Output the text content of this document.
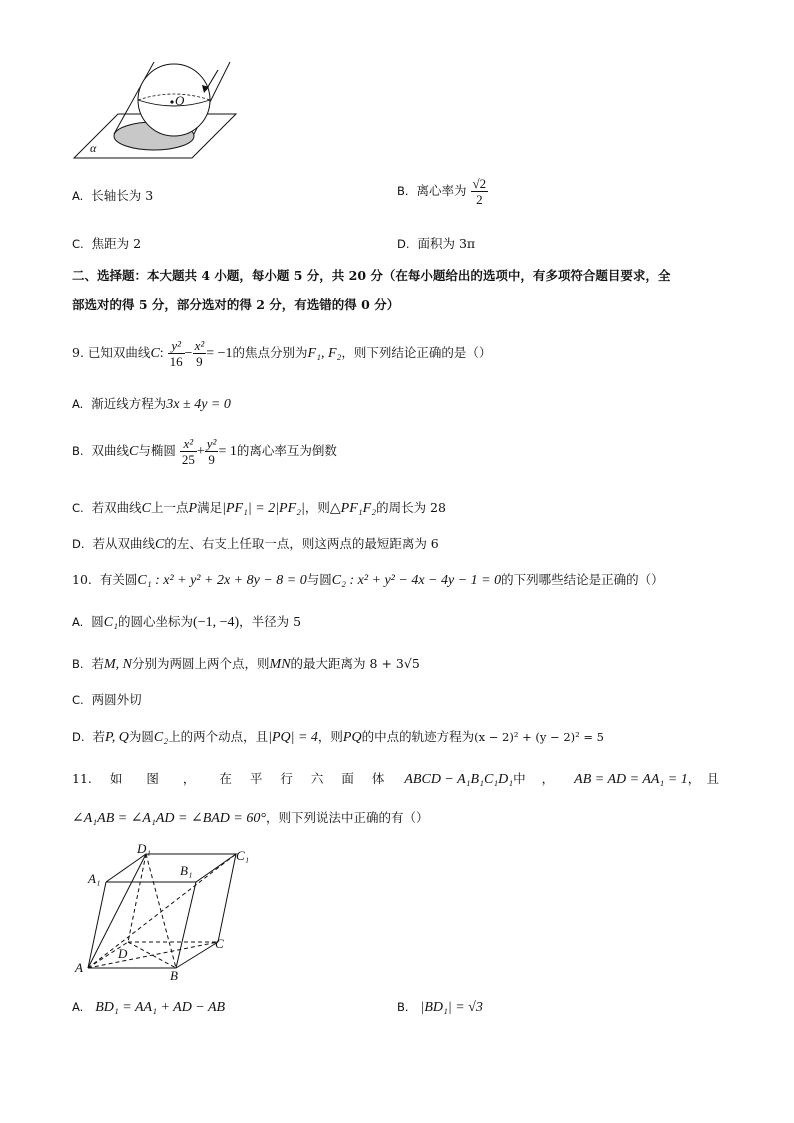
O
α
A. 长轴长为 3	B. 离心率为 $\frac{√2}{2}$
C. 焦距为 2	D. 面积为 3π
二、选择题：本大题共 4 小题，每小题 5 分，共 20 分（在每小题给出的选项中，有多项符合题目要求，全
部选对的得 5 分，部分选对的得 2 分，有选错的得 0 分）
9. 已知双曲线C: $\frac{\text{y²}}{16} - \frac{\text{x²}}{9} = -1$的焦点分别为F₁, F₂，则下列结论正确的是（）
A. 渐近线方程为3x ± 4y = 0
B. 双曲线C与椭圆 $\frac{\text{x²}}{25} + \frac{\text{y²}}{9} = 1$的离心率互为倒数
C. 若双曲线C上一点P满足|PF₁| = 2|PF₂|，则△PF₁F₂的周长为 28
D. 若从双曲线C的左、右支上任取一点，则这两点的最短距离为 6
10. 有关圆C₁ : x² + y² + 2x + 8y − 8 = 0与圆C₂ : x² + y² − 4x − 4y − 1 = 0的下列哪些结论是正确的（）
A. 圆C₁的圆心坐标为(−1, −4)，半径为 5
B. 若M, N分别为两圆上两个点，则MN的最大距离为 8 + 3√5
C. 两圆外切
D. 若P, Q为圆C₂上的两个动点，且|PQ| = 4，则PQ的中点的轨迹方程为(x − 2)² + (y − 2)² = 5
11. 如 图 ， 在 平 行 六 面 体 ABCD − A₁B₁C₁D₁中 ， AB = AD = AA₁ = 1，　且
∠A₁AB = ∠A₁AD = ∠BAD = 60°，则下列说法中正确的有（）
D₁	C₁
A₁
B₁
C
D
A
B
A. BD₁ = AA₁ + AD − AB	B. |BD₁| = √3
